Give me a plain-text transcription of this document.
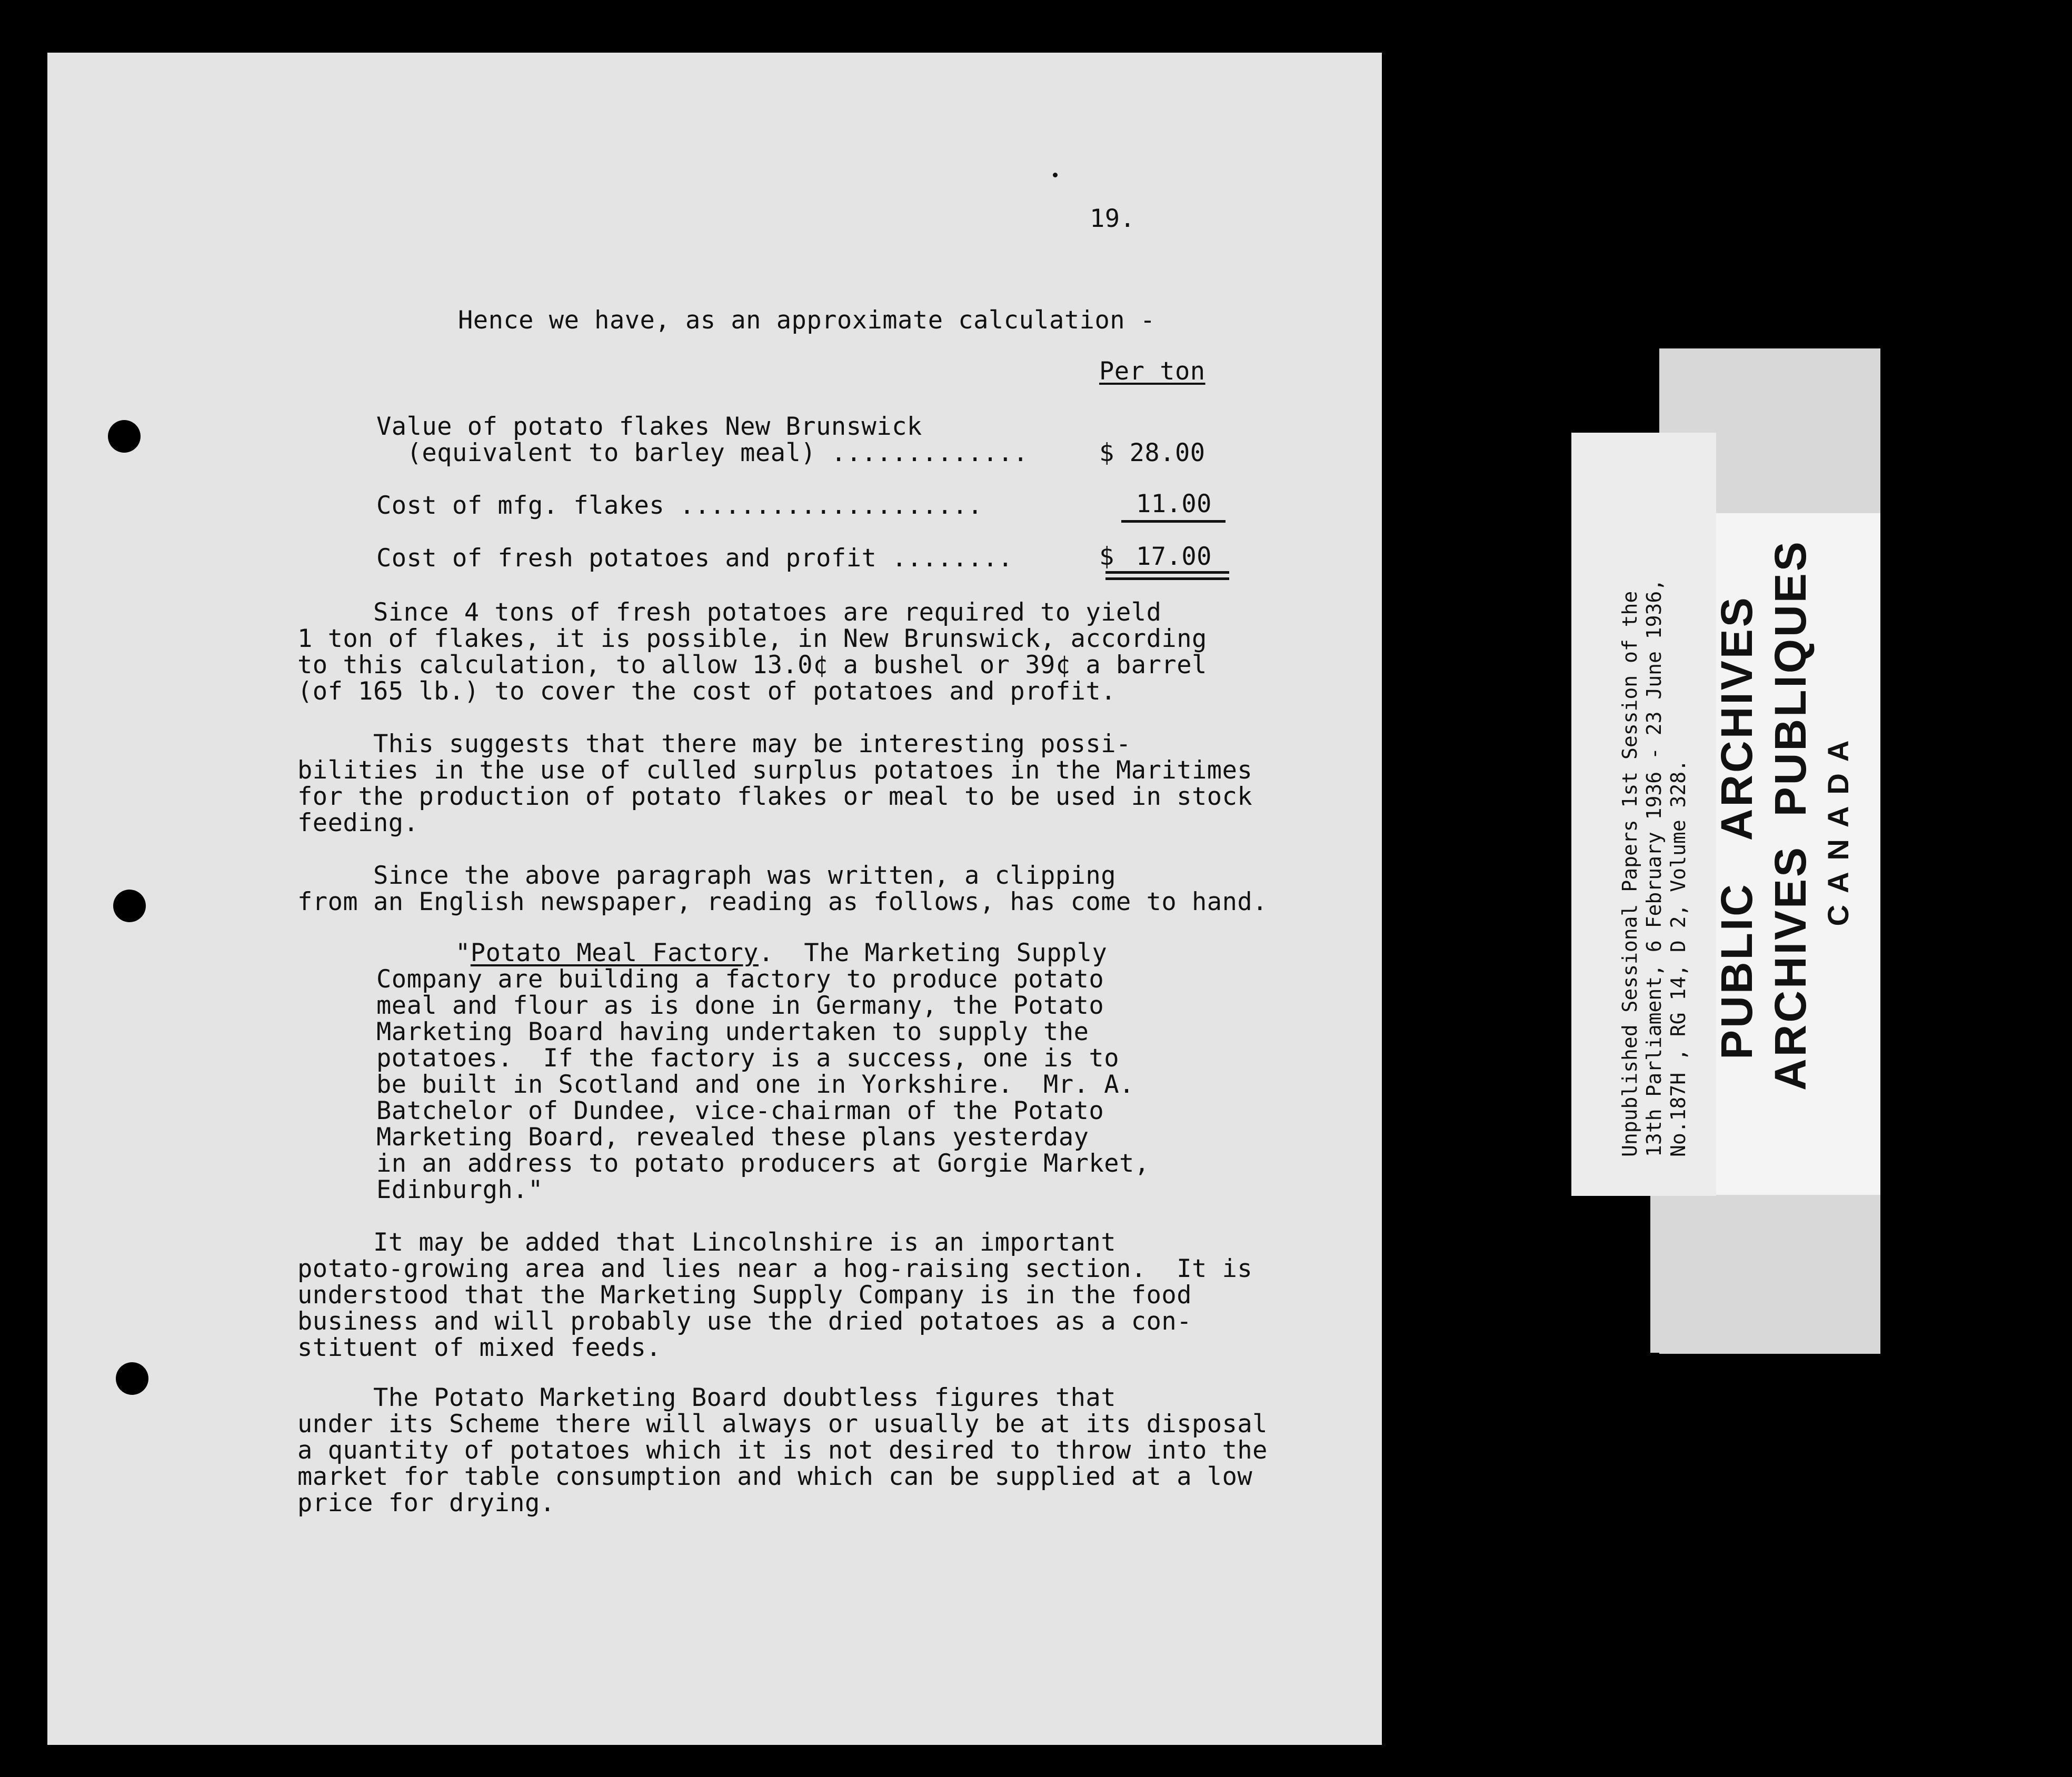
19.
Hence we have, as an approximate calculation -
Per ton
Value of potato flakes New Brunswick
(equivalent to barley meal) .............	$ 28.00
Cost of mfg. flakes ....................	11.00
Cost of fresh potatoes and profit ........	$ 17.00
Since 4 tons of fresh potatoes are required to yield
1 ton of flakes, it is possible, in New Brunswick, according
to this calculation, to allow 13.0¢ a bushel or 39¢ a barrel
(of 165 lb.) to cover the cost of potatoes and profit.
This suggests that there may be interesting possi-
bilities in the use of culled surplus potatoes in the Maritimes
for the production of potato flakes or meal to be used in stock
feeding.
Since the above paragraph was written, a clipping
from an English newspaper, reading as follows, has come to hand.
"Potato Meal Factory.  The Marketing Supply
Company are building a factory to produce potato
meal and flour as is done in Germany, the Potato
Marketing Board having undertaken to supply the
potatoes.  If the factory is a success, one is to
be built in Scotland and one in Yorkshire.  Mr. A.
Batchelor of Dundee, vice-chairman of the Potato
Marketing Board, revealed these plans yesterday
in an address to potato producers at Gorgie Market,
Edinburgh."
It may be added that Lincolnshire is an important
potato-growing area and lies near a hog-raising section.  It is
understood that the Marketing Supply Company is in the food
business and will probably use the dried potatoes as a con-
stituent of mixed feeds.
The Potato Marketing Board doubtless figures that
under its Scheme there will always or usually be at its disposal
a quantity of potatoes which it is not desired to throw into the
market for table consumption and which can be supplied at a low
price for drying.
Unpublished Sessional Papers 1st Session of the 13th Parliament, 6 February 1936 - 23 June 1936, No.187H , RG 14, D 2, Volume 328. PUBLIC   ARCHIVES ARCHIVES  PUBLIQUES CANADA
